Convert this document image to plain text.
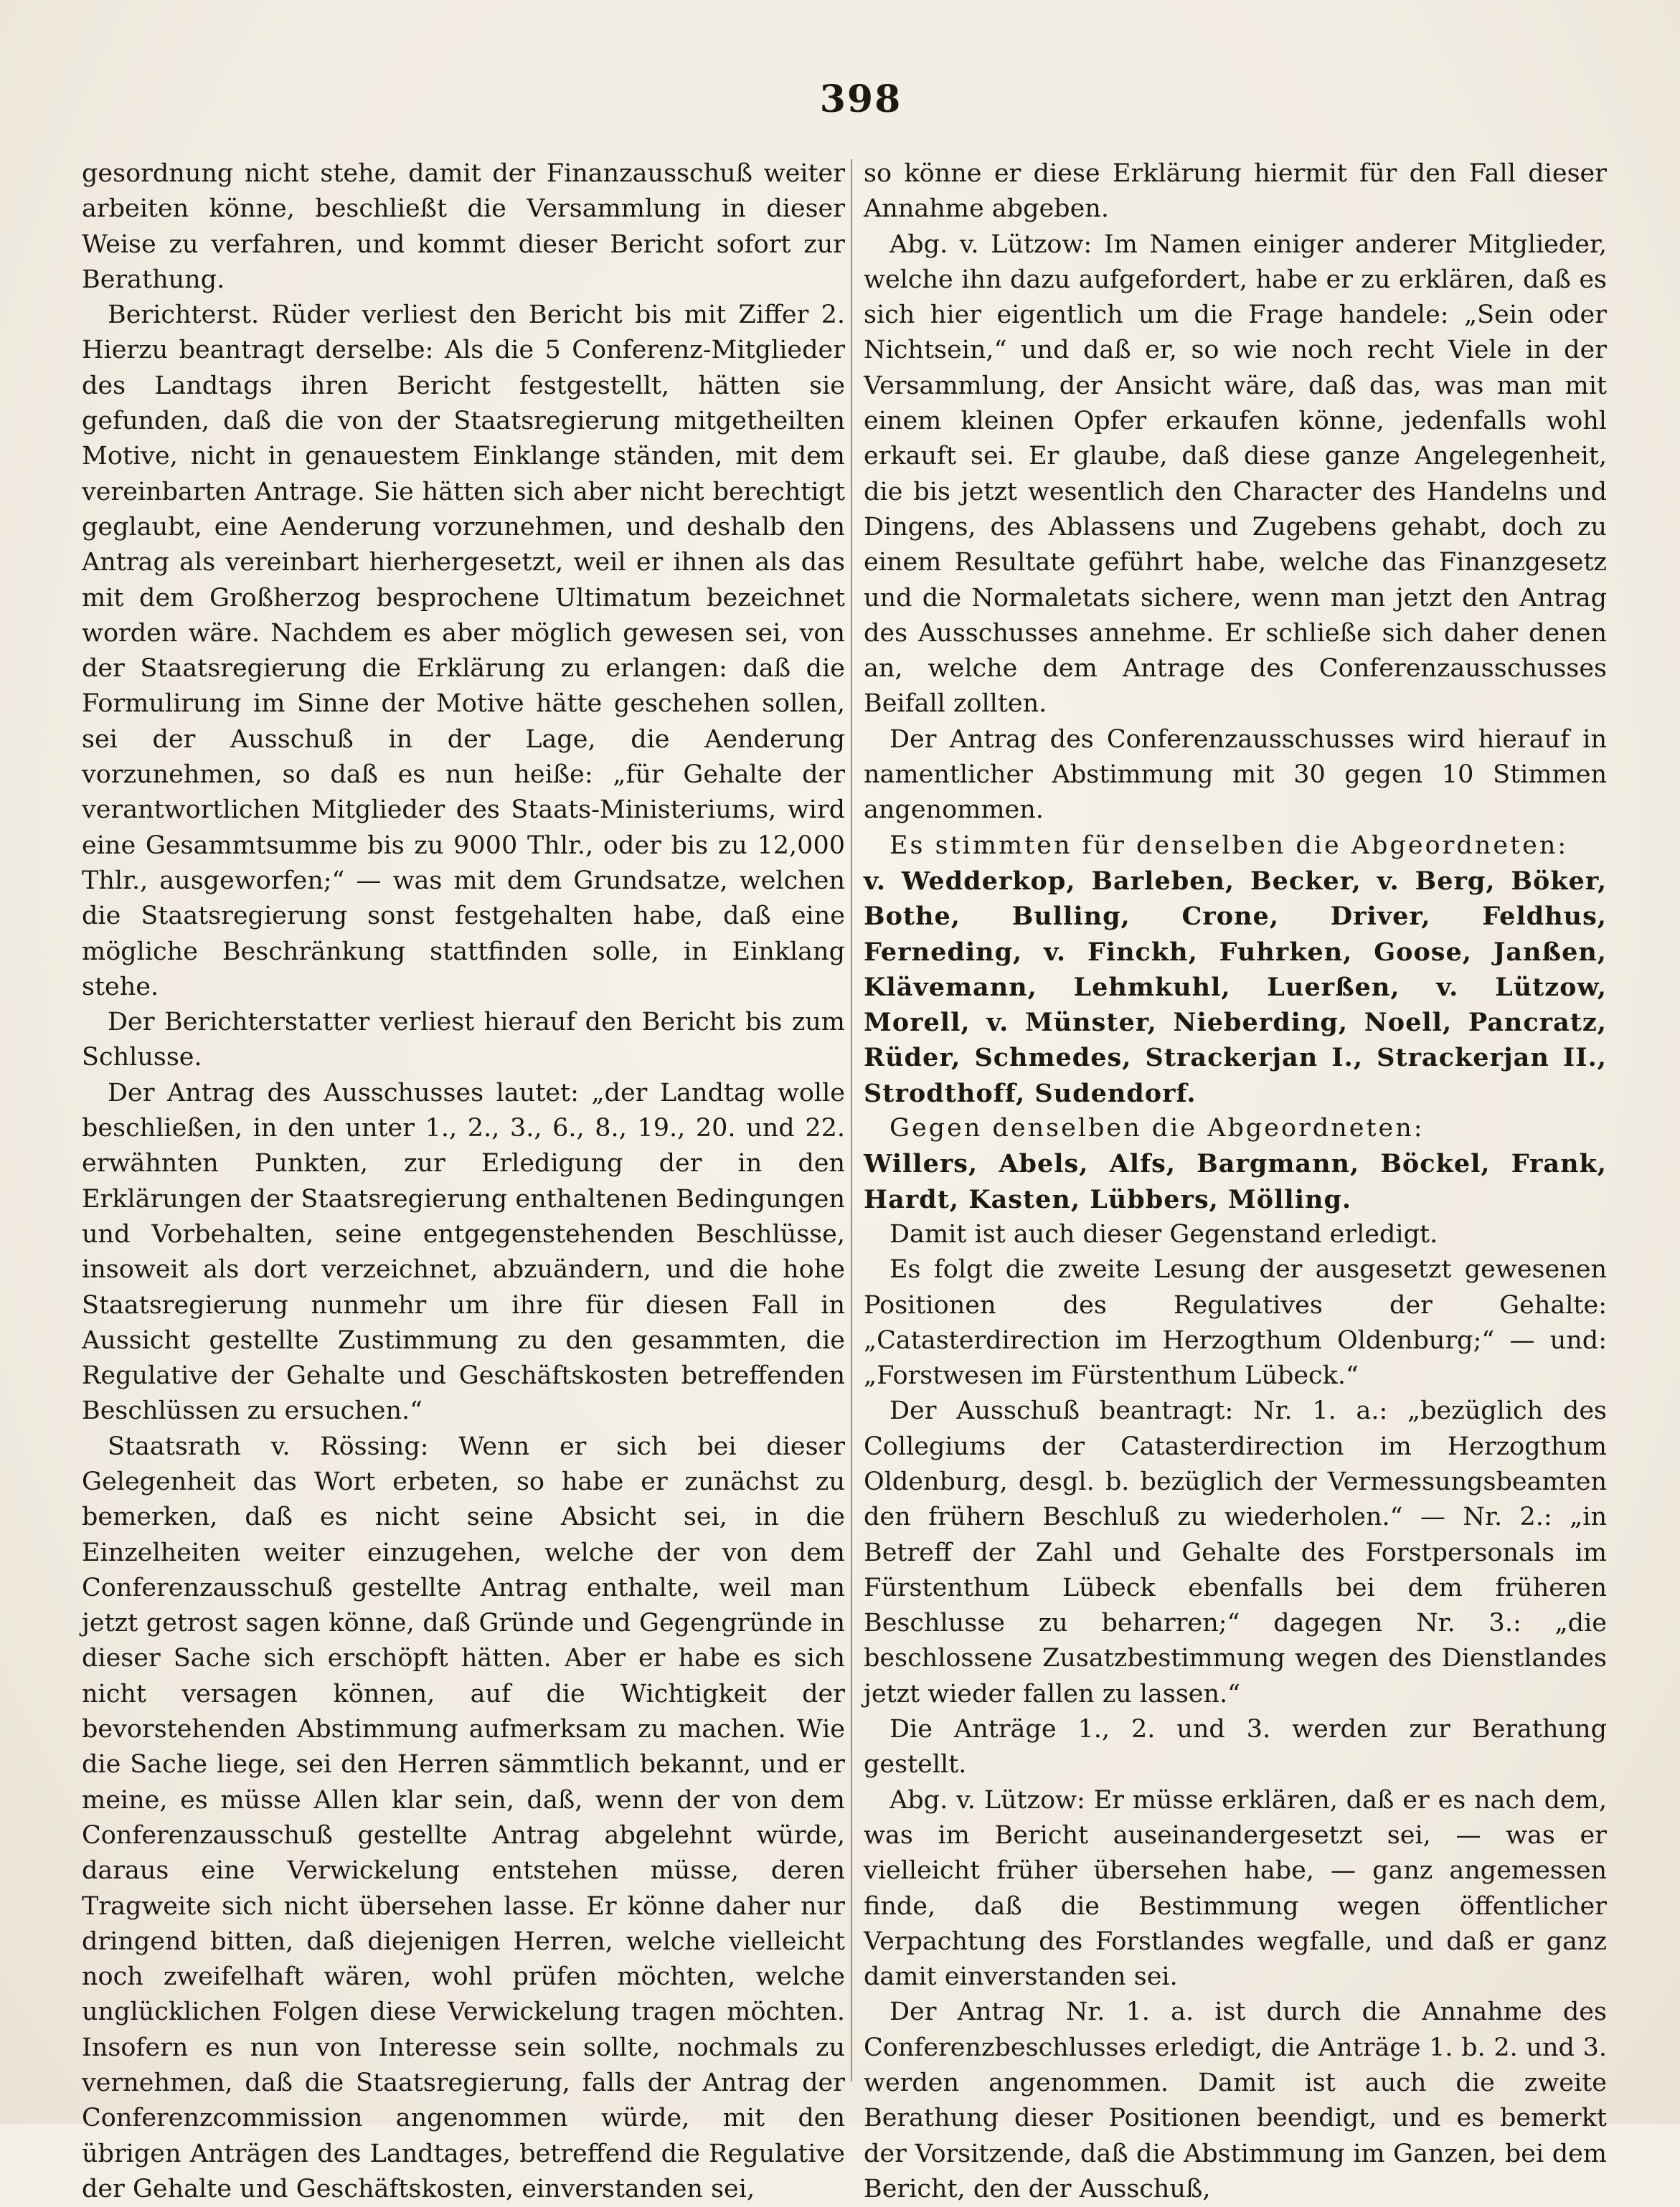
398

gesordnung nicht stehe, damit der Finanzausschuß weiter arbeiten könne, beschließt die Versammlung in dieser Weise zu verfahren, und kommt dieser Bericht sofort zur Berathung.

Berichterst. Rüder verliest den Bericht bis mit Ziffer 2. Hierzu beantragt derselbe: Als die 5 Conferenz-Mitglieder des Landtags ihren Bericht festgestellt, hätten sie gefunden, daß die von der Staatsregierung mitgetheilten Motive, nicht in genauestem Einklange ständen, mit dem vereinbarten Antrage. Sie hätten sich aber nicht berechtigt geglaubt, eine Aenderung vorzunehmen, und deshalb den Antrag als vereinbart hierhergesetzt, weil er ihnen als das mit dem Großherzog besprochene Ultimatum bezeichnet worden wäre. Nachdem es aber möglich gewesen sei, von der Staatsregierung die Erklärung zu erlangen: daß die Formulirung im Sinne der Motive hätte geschehen sollen, sei der Ausschuß in der Lage, die Aenderung vorzunehmen, so daß es nun heiße: „für Gehalte der verantwortlichen Mitglieder des Staats-Ministeriums, wird eine Gesammtsumme bis zu 9000 Thlr., oder bis zu 12,000 Thlr., ausgeworfen;“ — was mit dem Grundsatze, welchen die Staatsregierung sonst festgehalten habe, daß eine mögliche Beschränkung stattfinden solle, in Einklang stehe.

Der Berichterstatter verliest hierauf den Bericht bis zum Schlusse.

Der Antrag des Ausschusses lautet: „der Landtag wolle beschließen, in den unter 1., 2., 3., 6., 8., 19., 20. und 22. erwähnten Punkten, zur Erledigung der in den Erklärungen der Staatsregierung enthaltenen Bedingungen und Vorbehalten, seine entgegenstehenden Beschlüsse, insoweit als dort verzeichnet, abzuändern, und die hohe Staatsregierung nunmehr um ihre für diesen Fall in Aussicht gestellte Zustimmung zu den gesammten, die Regulative der Gehalte und Geschäftskosten betreffenden Beschlüssen zu ersuchen.“

Staatsrath v. Rössing: Wenn er sich bei dieser Gelegenheit das Wort erbeten, so habe er zunächst zu bemerken, daß es nicht seine Absicht sei, in die Einzelheiten weiter einzugehen, welche der von dem Conferenzausschuß gestellte Antrag enthalte, weil man jetzt getrost sagen könne, daß Gründe und Gegengründe in dieser Sache sich erschöpft hätten. Aber er habe es sich nicht versagen können, auf die Wichtigkeit der bevorstehenden Abstimmung aufmerksam zu machen. Wie die Sache liege, sei den Herren sämmtlich bekannt, und er meine, es müsse Allen klar sein, daß, wenn der von dem Conferenzausschuß gestellte Antrag abgelehnt würde, daraus eine Verwickelung entstehen müsse, deren Tragweite sich nicht übersehen lasse. Er könne daher nur dringend bitten, daß diejenigen Herren, welche vielleicht noch zweifelhaft wären, wohl prüfen möchten, welche unglücklichen Folgen diese Verwickelung tragen möchten. Insofern es nun von Interesse sein sollte, nochmals zu vernehmen, daß die Staatsregierung, falls der Antrag der Conferenzcommission angenommen würde, mit den übrigen Anträgen des Landtages, betreffend die Regulative der Gehalte und Geschäftskosten, einverstanden sei,

so könne er diese Erklärung hiermit für den Fall dieser Annahme abgeben.

Abg. v. Lützow: Im Namen einiger anderer Mitglieder, welche ihn dazu aufgefordert, habe er zu erklären, daß es sich hier eigentlich um die Frage handele: „Sein oder Nichtsein,“ und daß er, so wie noch recht Viele in der Versammlung, der Ansicht wäre, daß das, was man mit einem kleinen Opfer erkaufen könne, jedenfalls wohl erkauft sei. Er glaube, daß diese ganze Angelegenheit, die bis jetzt wesentlich den Character des Handelns und Dingens, des Ablassens und Zugebens gehabt, doch zu einem Resultate geführt habe, welche das Finanzgesetz und die Normaletats sichere, wenn man jetzt den Antrag des Ausschusses annehme. Er schließe sich daher denen an, welche dem Antrage des Conferenzausschusses Beifall zollten.

Der Antrag des Conferenzausschusses wird hierauf in namentlicher Abstimmung mit 30 gegen 10 Stimmen angenommen.

Es stimmten für denselben die Abgeordneten:

v. Wedderkop, Barleben, Becker, v. Berg, Böker, Bothe, Bulling, Crone, Driver, Feldhus, Ferneding, v. Finckh, Fuhrken, Goose, Janßen, Klävemann, Lehmkuhl, Luerßen, v. Lützow, Morell, v. Münster, Nieberding, Noell, Pancratz, Rüder, Schmedes, Strackerjan I., Strackerjan II., Strodthoff, Sudendorf.

Gegen denselben die Abgeordneten:

Willers, Abels, Alfs, Bargmann, Böckel, Frank, Hardt, Kasten, Lübbers, Mölling.

Damit ist auch dieser Gegenstand erledigt.

Es folgt die zweite Lesung der ausgesetzt gewesenen Positionen des Regulatives der Gehalte: „Catasterdirection im Herzogthum Oldenburg;“ — und: „Forstwesen im Fürstenthum Lübeck.“

Der Ausschuß beantragt: Nr. 1. a.: „bezüglich des Collegiums der Catasterdirection im Herzogthum Oldenburg, desgl. b. bezüglich der Vermessungsbeamten den frühern Beschluß zu wiederholen.“ — Nr. 2.: „in Betreff der Zahl und Gehalte des Forstpersonals im Fürstenthum Lübeck ebenfalls bei dem früheren Beschlusse zu beharren;“ dagegen Nr. 3.: „die beschlossene Zusatzbestimmung wegen des Dienstlandes jetzt wieder fallen zu lassen.“

Die Anträge 1., 2. und 3. werden zur Berathung gestellt.

Abg. v. Lützow: Er müsse erklären, daß er es nach dem, was im Bericht auseinandergesetzt sei, — was er vielleicht früher übersehen habe, — ganz angemessen finde, daß die Bestimmung wegen öffentlicher Verpachtung des Forstlandes wegfalle, und daß er ganz damit einverstanden sei.

Der Antrag Nr. 1. a. ist durch die Annahme des Conferenzbeschlusses erledigt, die Anträge 1. b. 2. und 3. werden angenommen. Damit ist auch die zweite Berathung dieser Positionen beendigt, und es bemerkt der Vorsitzende, daß die Abstimmung im Ganzen, bei dem Bericht, den der Ausschuß,
